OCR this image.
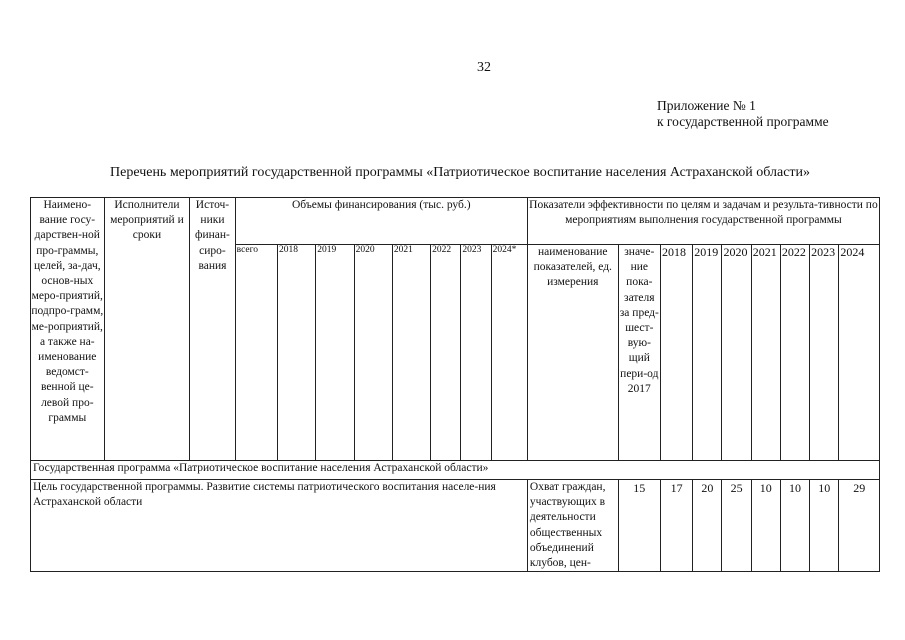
32
Приложение № 1
к государственной программе
Перечень мероприятий государственной программы «Патриотическое воспитание населения Астраханской области»
Наимено-вание госу-дарствен-ной про-граммы, целей, за-дач, основ-ных меро-приятий, подпро-грамм, ме-роприятий, а также на-именование ведомст-венной це-левой про-граммы	Исполнители мероприятий и сроки	Источ-ники финан-сиро-вания	Объемы финансирования (тыс. руб.)								Показатели эффективности по целям и задачам и результа-тивности по мероприятиям выполнения государственной программы								
			всего	2018	2019	2020	2021	2022	2023	2024*	наименование показателей, ед. измерения	значе-ние пока-зателя за пред-шест-вую-щий пери-од 2017	2018	2019	2020	2021	2022	2023	2024
Государственная программа «Патриотическое воспитание населения Астраханской области»																			
Цель государственной программы. Развитие системы патриотического воспитания населе-ния Астраханской области											Охват граждан, участвующих в деятельности общественных объединений клубов, цен-	15	17	20	25	10	10	10	29
